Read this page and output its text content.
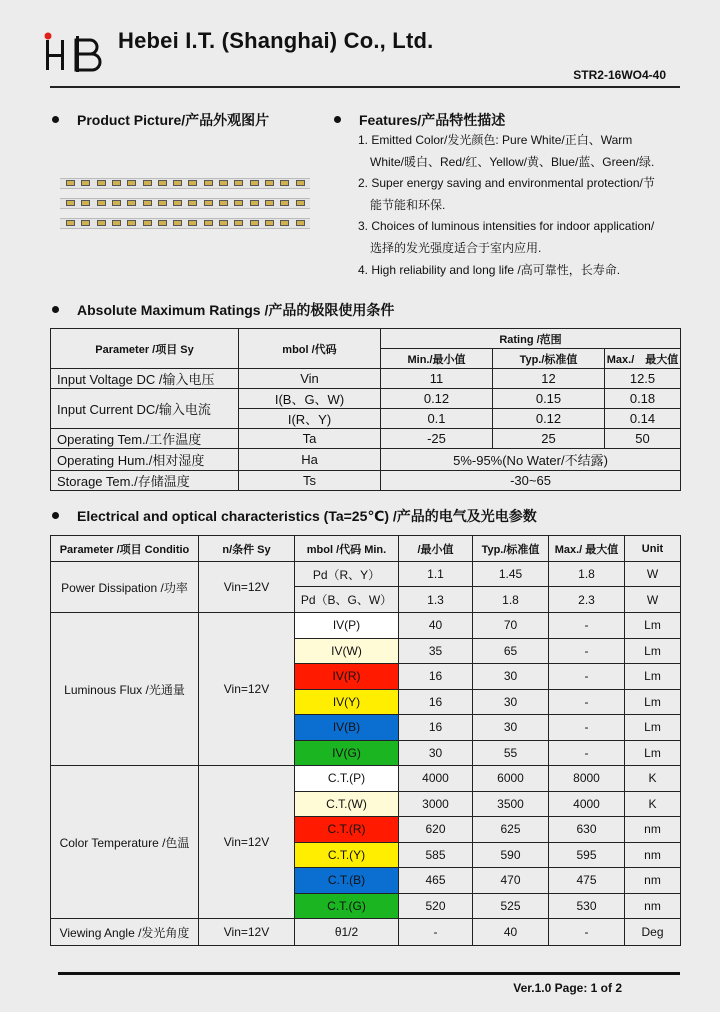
Hebei I.T. (Shanghai) Co., Ltd.
STR2-16WO4-40
Product Picture/产品外观图片	Features/产品特性描述
1. Emitted Color/发光颜色: Pure White/正白、Warm
White/暖白、Red/红、Yellow/黄、Blue/蓝、Green/绿.
2. Super energy saving and environmental protection/节
能节能和环保.
3. Choices of luminous intensities for indoor application/
选择的发光强度适合于室内应用.
4. High reliability and long life /高可靠性，长寿命.
Absolute Maximum Ratings /产品的极限使用条件
Parameter /项目 Sy	mbol /代码	Rating /范围	
		Min./最小值	Typ./标准值	Max./　最大值	
Input Voltage DC /输入电压	Vin	11	12	12.5	
Input Current DC/输入电流	I(B、G、W)	0.12	0.15	0.18	
	I(R、Y)	0.1	0.12	0.14	
Operating Tem./工作温度	Ta	-25	25	50	
Operating Hum./相对湿度	Ha	5%-95%(No Water/不结露)	
Storage Tem./存储温度	Ts	-30~65	
Electrical and optical characteristics (Ta=25℃) /产品的电气及光电参数
Parameter /项目 Conditio	n/条件 Sy	mbol /代码 Min.	/最小值	Typ./标准值	Max./ 最大值	Unit
Power Dissipation /功率	Vin=12V	Pd（R、Y）	1.1	1.45	1.8	W
		Pd（B、G、W）	1.3	1.8	2.3	W
Luminous Flux /光通量	Vin=12V	IV(P)	40	70	-	Lm
		IV(W)	35	65	-	Lm
		IV(R)	16	30	-	Lm
		IV(Y)	16	30	-	Lm
		IV(B)	16	30	-	Lm
		IV(G)	30	55	-	Lm
Color Temperature /色温	Vin=12V	C.T.(P)	4000	6000	8000	K
		C.T.(W)	3000	3500	4000	K
		C.T.(R)	620	625	630	nm
		C.T.(Y)	585	590	595	nm
		C.T.(B)	465	470	475	nm
		C.T.(G)	520	525	530	nm
Viewing Angle /发光角度	Vin=12V	θ1/2	-	40	-	Deg
Ver.1.0 Page: 1 of 2
